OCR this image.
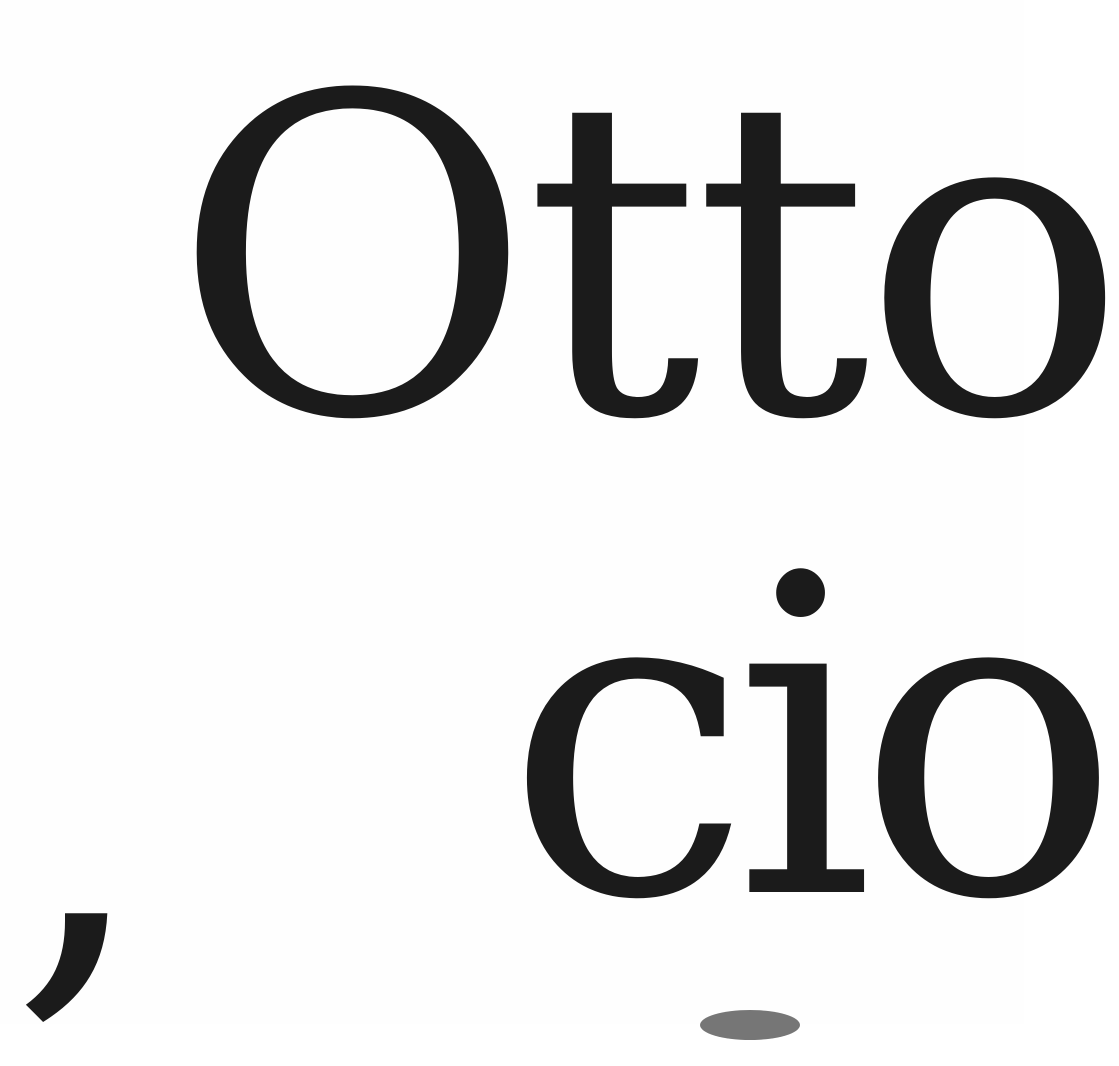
Otto
, cio
